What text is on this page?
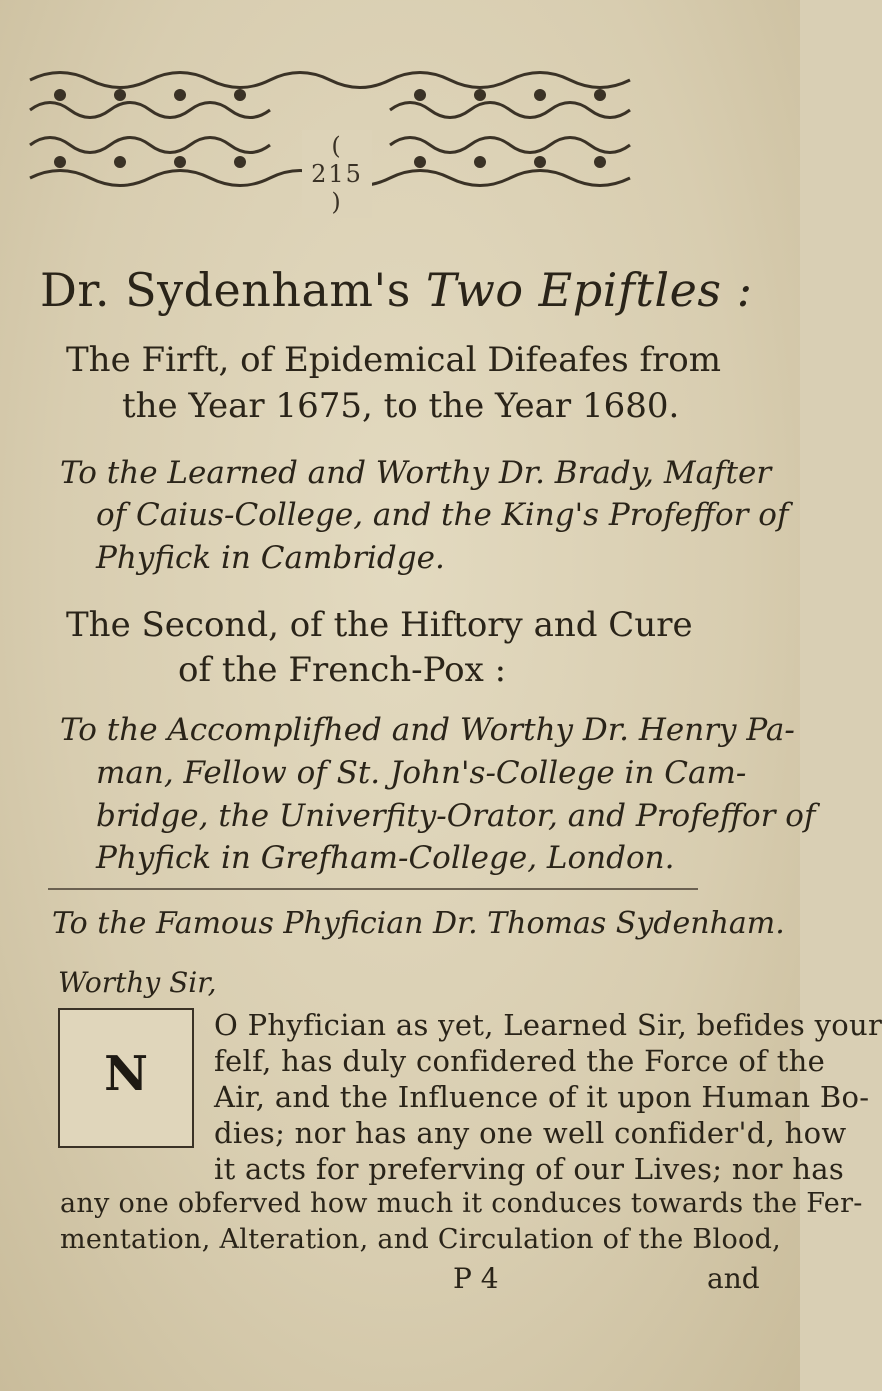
( 215 )
Dr. Sydenham's Two Epiftles :
The Firft, of Epidemical Difeafes from
the Year 1675, to the Year 1680.
To the Learned and Worthy Dr. Brady, Mafter
of Caius-College, and the King's Profeffor of
Phyfick in Cambridge.
The Second, of the Hiftory and Cure
of the French-Pox :
To the Accomplifhed and Worthy Dr. Henry Pa-
man, Fellow of St. John's-College in Cam-
To the Famous Phyfician Dr. Thomas Sydenham.
Worthy Sir,
N
O Phyfician as yet, Learned Sir, befides your
felf, has duly confidered the Force of the
Air, and the Influence of it upon Human Bo-
dies; nor has any one well confider'd, how
it acts for preferving of our Lives; nor has
any one obferved how much it conduces towards the Fer-
mentation, Alteration, and Circulation of the Blood,
P 4	and
bridge, the Univerfity-Orator, and Profeffor of
Phyfick in Grefham-College, London.
